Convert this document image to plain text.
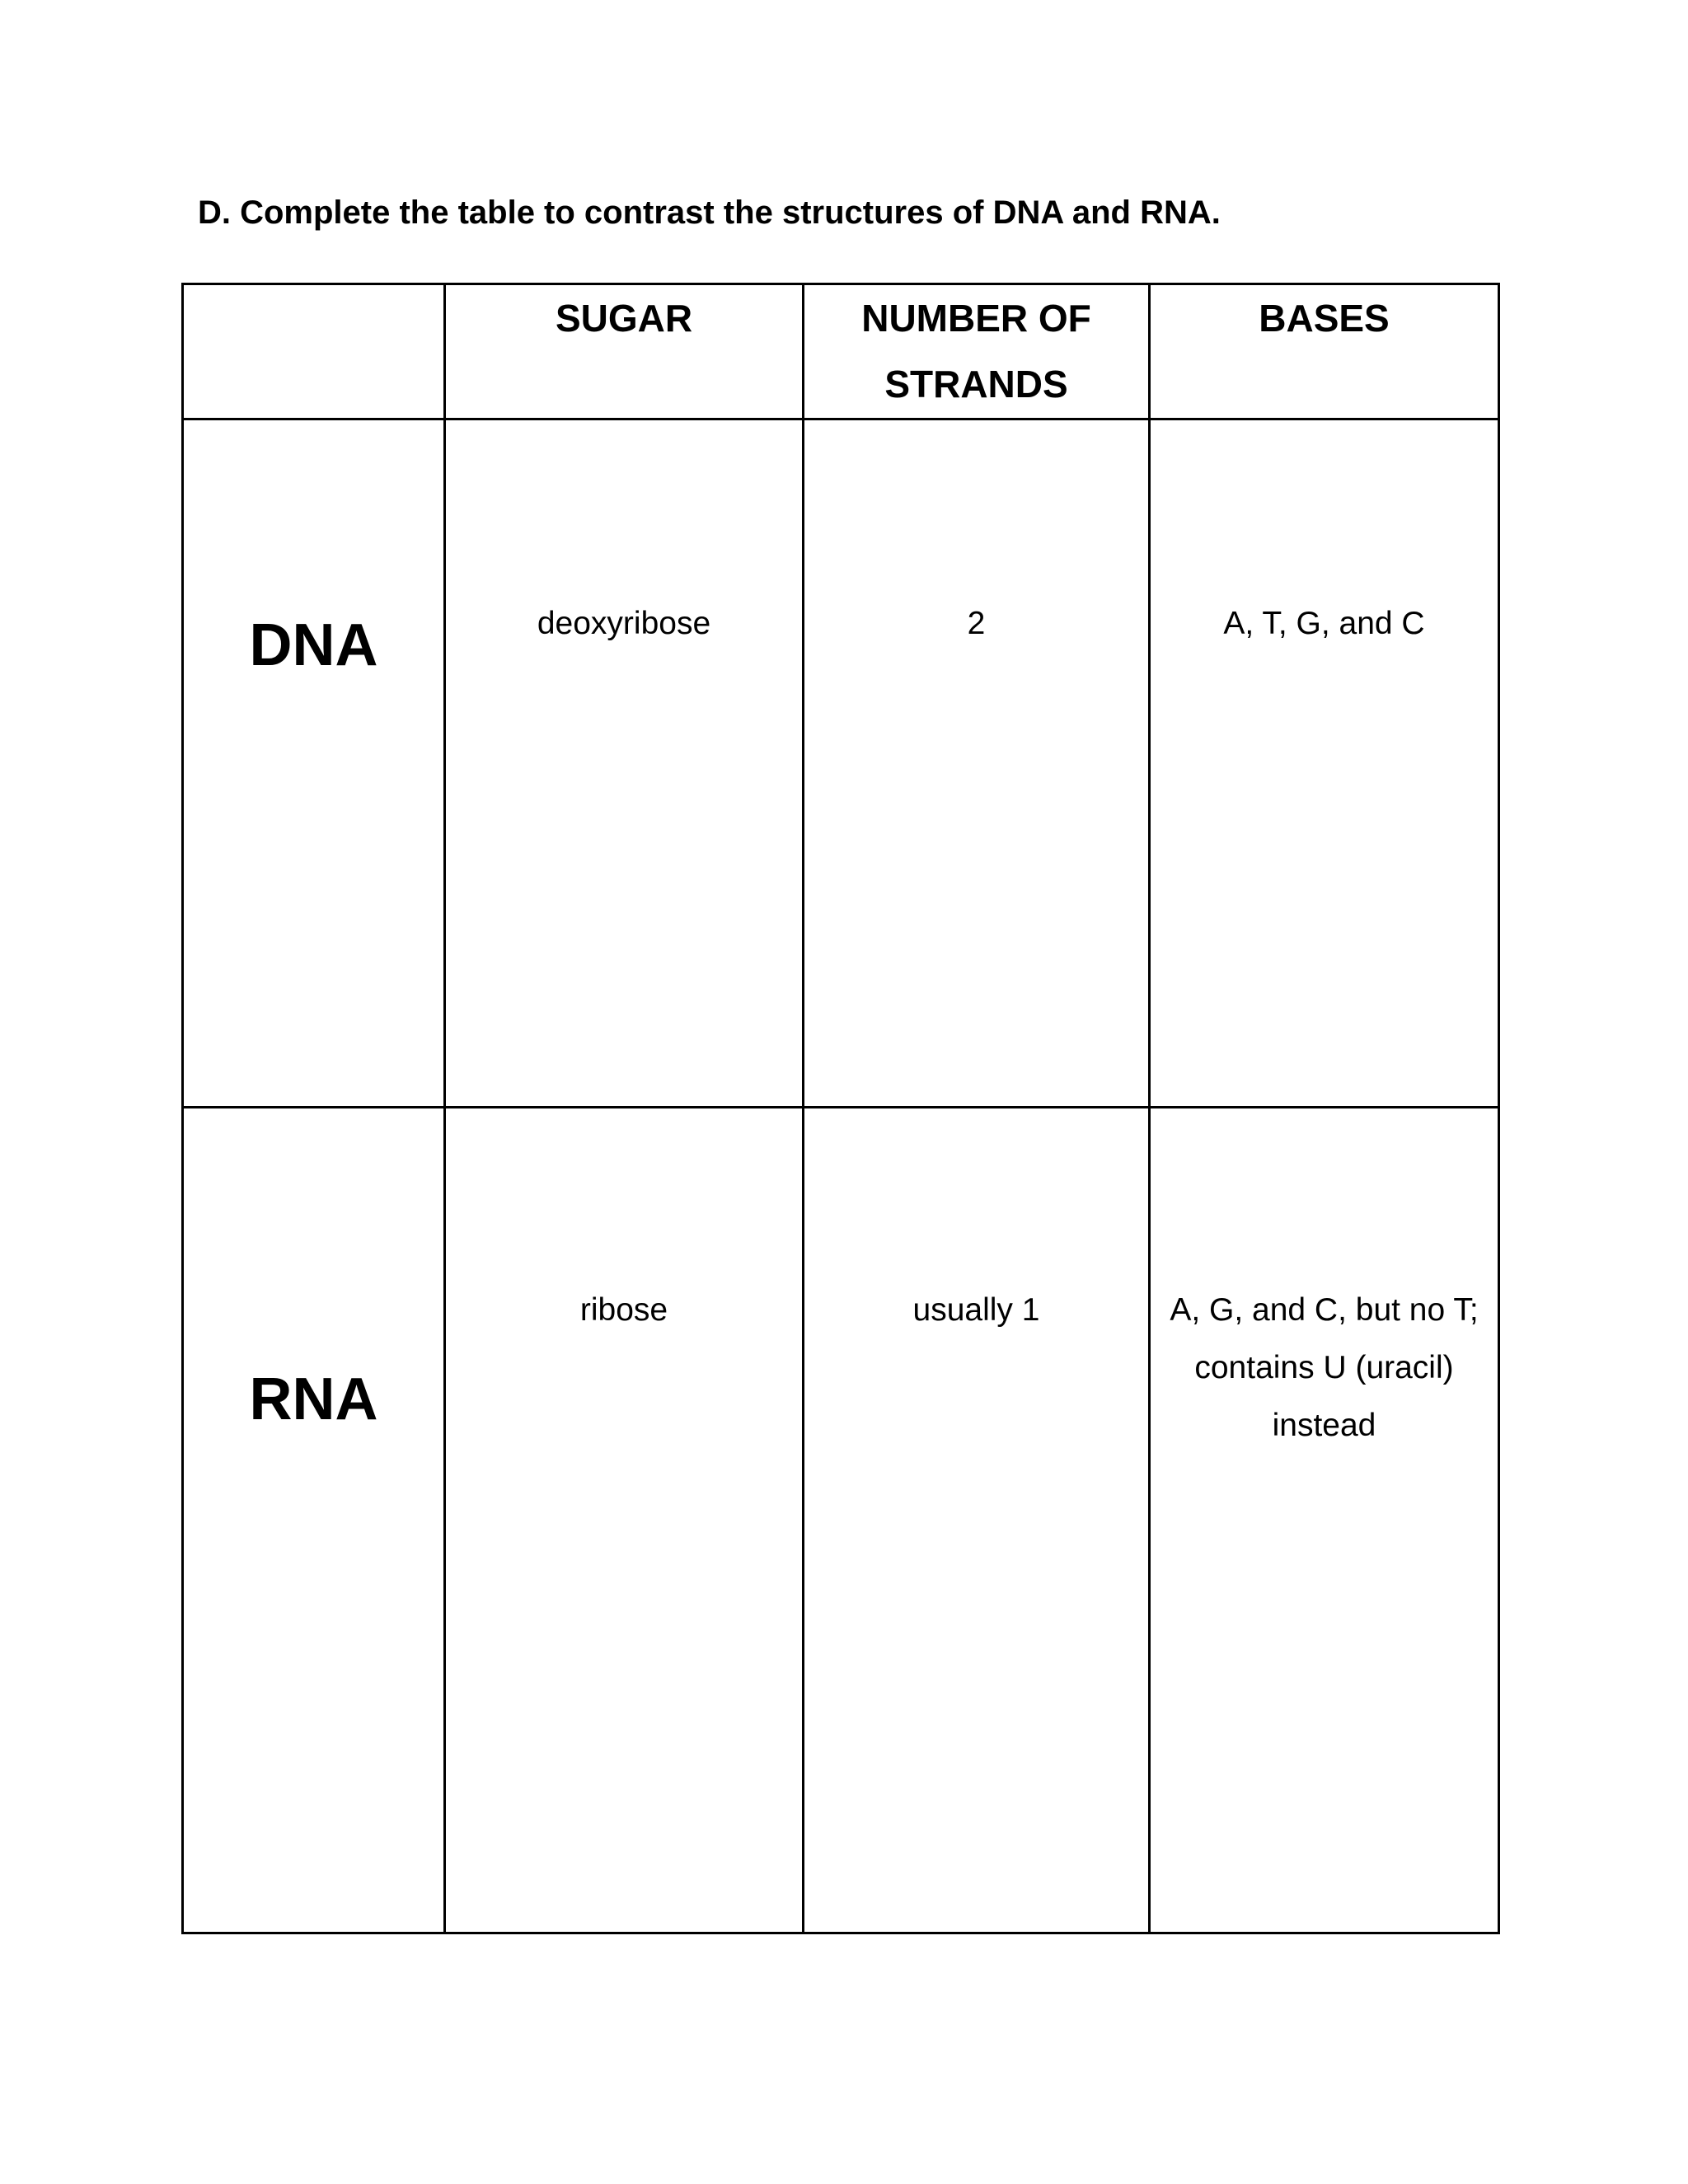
D. Complete the table to contrast the structures of DNA and RNA.

	SUGAR	NUMBER OF STRANDS	BASES

DNA	deoxyribose	2	A, T, G, and C

RNA	ribose	usually 1	A, G, and C, but no T; contains U (uracil) instead
